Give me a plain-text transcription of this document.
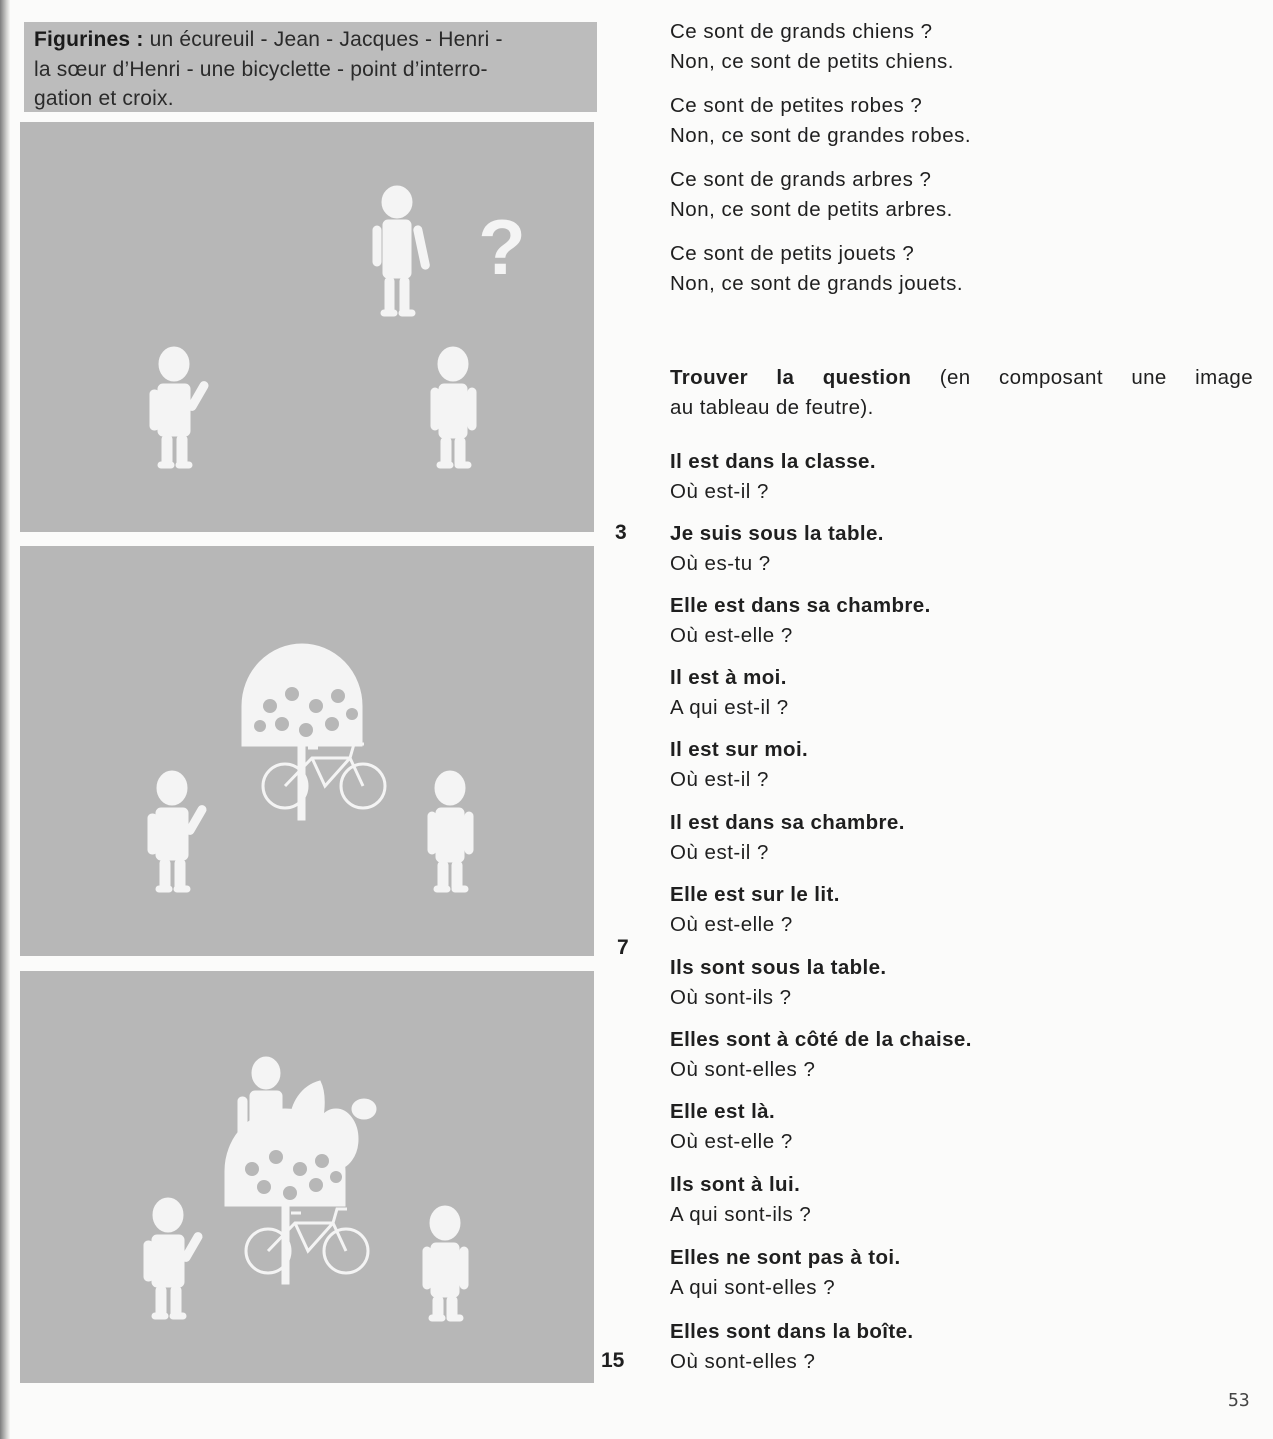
Figurines : un écureuil - Jean - Jacques - Henri -
la sœur d’Henri - une bicyclette - point d’interro-
gation et croix.
?
Ce sont de grands chiens ?
Non, ce sont de petits chiens.
Ce sont de petites robes ?
Non, ce sont de grandes robes.
Ce sont de grands arbres ?
Non, ce sont de petits arbres.
Ce sont de petits jouets ?
Non, ce sont de grands jouets.
Trouver la question (en composant une image
au tableau de feutre).
Il est dans la classe.
Où est-il ?
Je suis sous la table.
Où es-tu ?
Elle est dans sa chambre.
Où est-elle ?
Il est à moi.
A qui est-il ?
Il est sur moi.
Où est-il ?
Il est dans sa chambre.
Où est-il ?
Elle est sur le lit.
Où est-elle ?
Ils sont sous la table.
Où sont-ils ?
Elles sont à côté de la chaise.
Où sont-elles ?
Elle est là.
Où est-elle ?
Ils sont à lui.
A qui sont-ils ?
Elles ne sont pas à toi.
A qui sont-elles ?
Elles sont dans la boîte.
Où sont-elles ?
3
7
15
53
